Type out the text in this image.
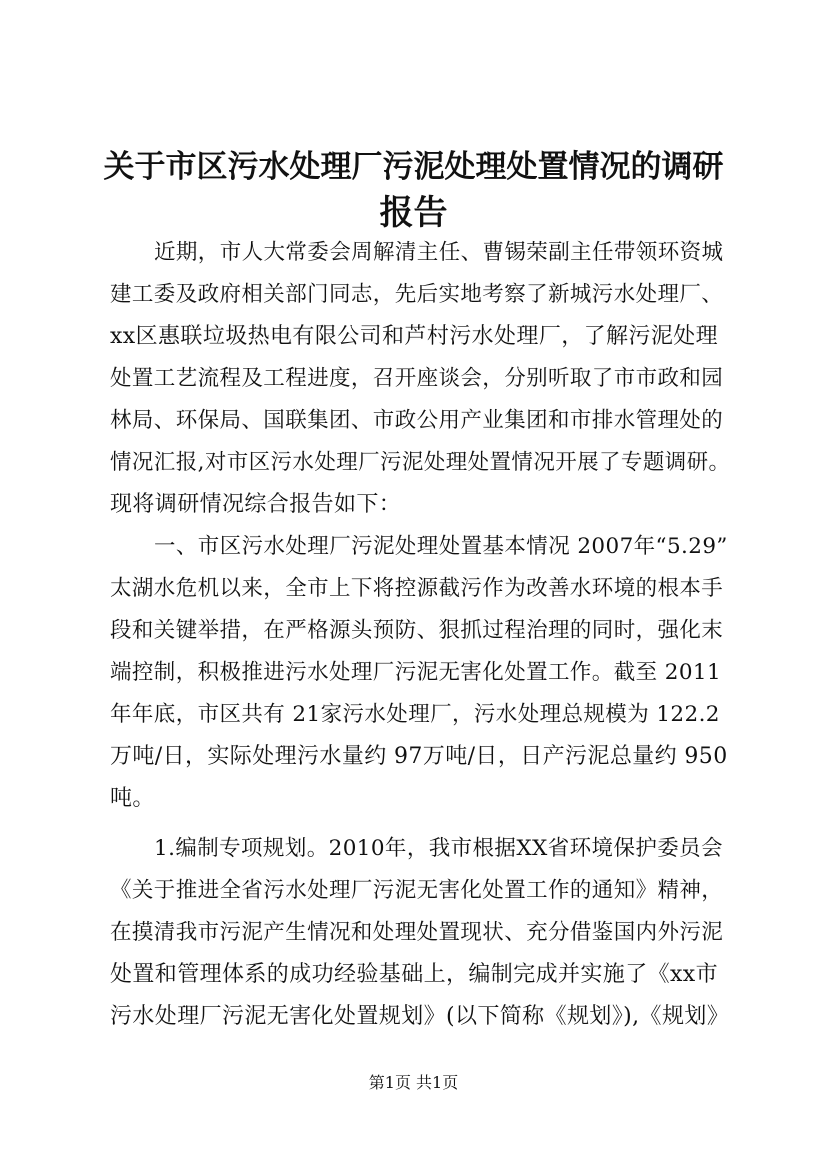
关于市区污水处理厂污泥处理处置情况的调研
报告
近期，市人大常委会周解清主任、曹锡荣副主任带领环资城
建工委及政府相关部门同志，先后实地考察了新城污水处理厂、
xx区惠联垃圾热电有限公司和芦村污水处理厂，了解污泥处理
处置工艺流程及工程进度，召开座谈会，分别听取了市市政和园
林局、环保局、国联集团、市政公用产业集团和市排水管理处的
情况汇报,对市区污水处理厂污泥处理处置情况开展了专题调研。
现将调研情况综合报告如下：
一、市区污水处理厂污泥处理处置基本情况 2007年“5.29”
太湖水危机以来，全市上下将控源截污作为改善水环境的根本手
段和关键举措，在严格源头预防、狠抓过程治理的同时，强化末
端控制，积极推进污水处理厂污泥无害化处置工作。截至 2011
年年底，市区共有 21家污水处理厂，污水处理总规模为 122.2
万吨/日，实际处理污水量约 97万吨/日，日产污泥总量约 950
吨。
1.编制专项规划。2010年，我市根据XX省环境保护委员会
《关于推进全省污水处理厂污泥无害化处置工作的通知》精神，
在摸清我市污泥产生情况和处理处置现状、充分借鉴国内外污泥
处置和管理体系的成功经验基础上，编制完成并实施了《xx市
污水处理厂污泥无害化处置规划》(以下简称《规划》),《规划》
第1页 共1页
